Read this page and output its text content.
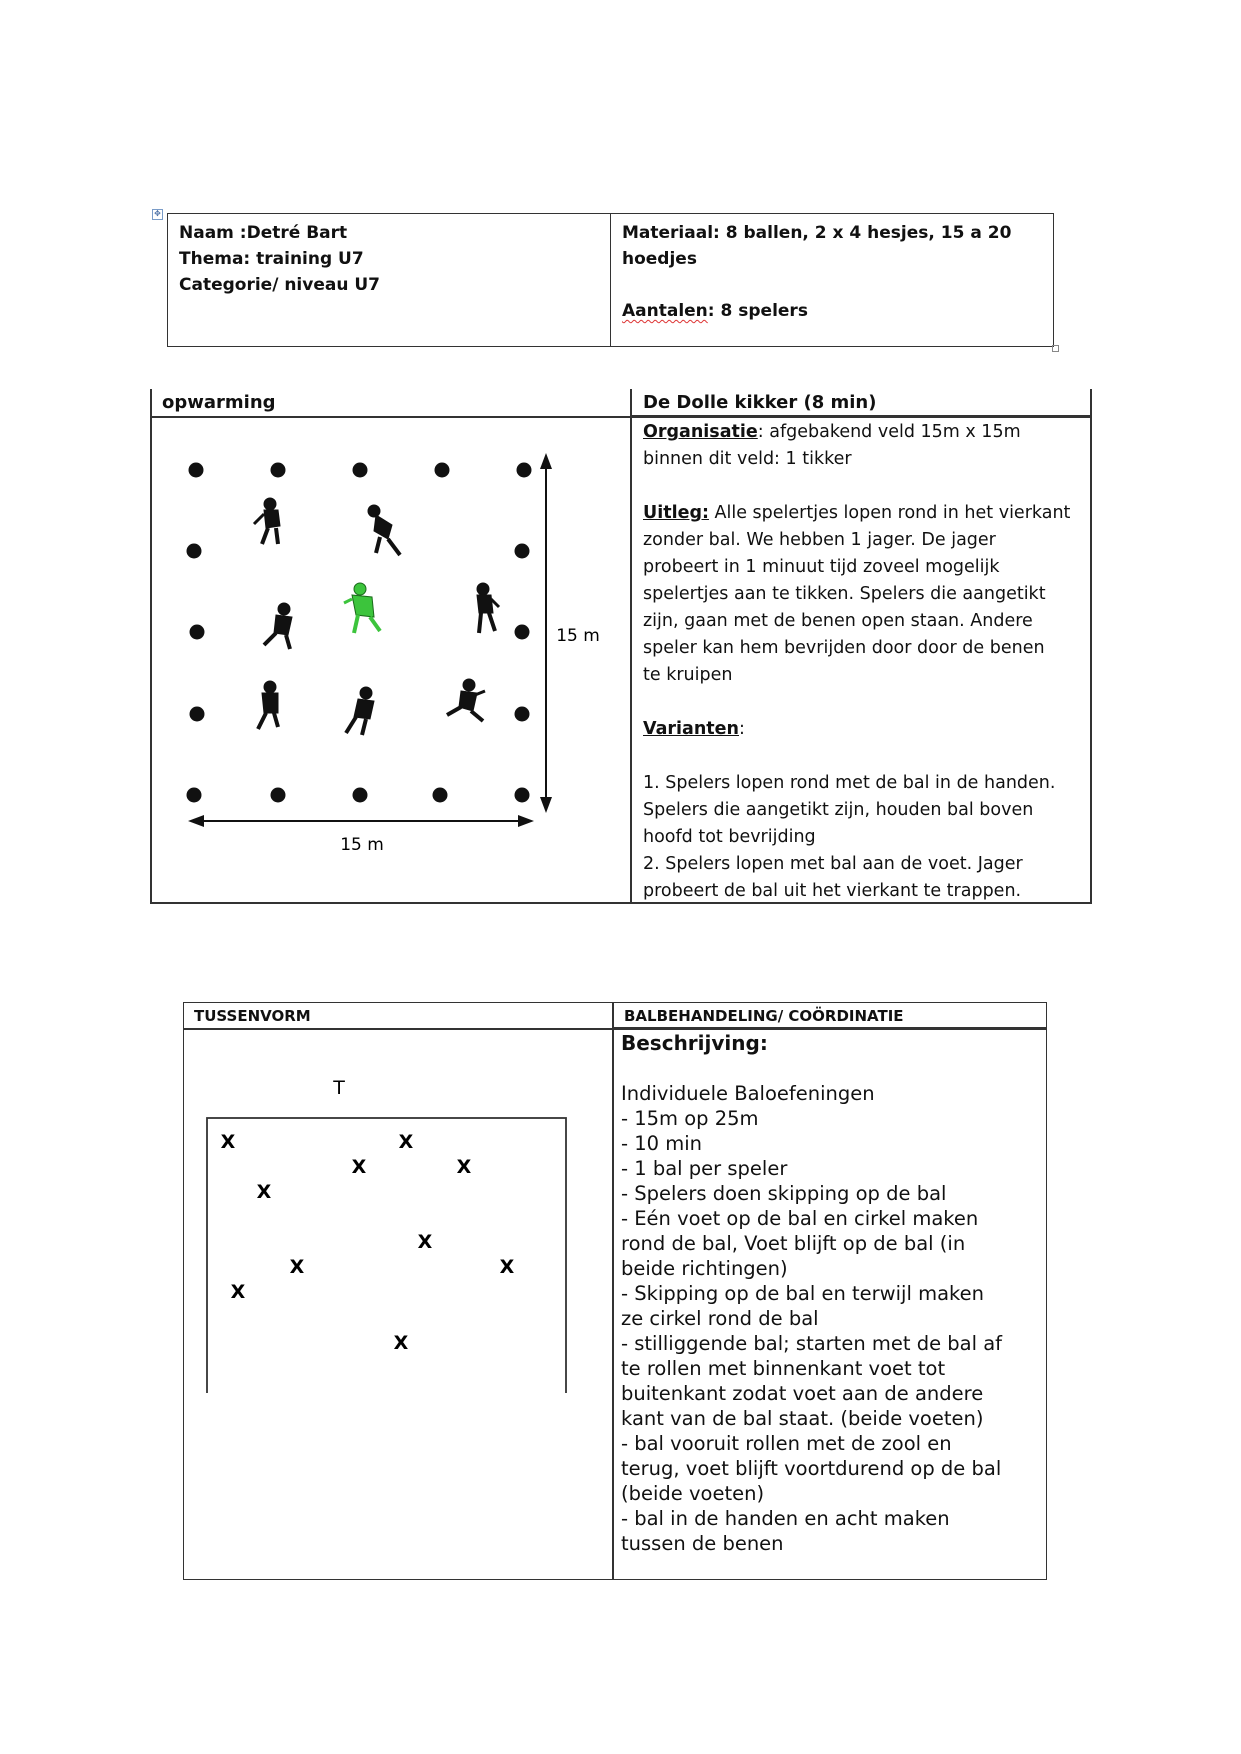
✥
Naam :Detré Bart
Thema: training U7
Categorie/ niveau U7

Materiaal: 8 ballen, 2 x 4 hesjes, 15 a 20
hoedjes
Aantalen: 8 spelers
opwarming	De Dolle kikker (8 min)
15 m
15 m
Organisatie: afgebakend veld 15m x 15m
binnen dit veld: 1 tikker
Uitleg: Alle spelertjes lopen rond in het vierkant
zonder bal. We hebben 1 jager. De jager
probeert in 1 minuut tijd zoveel mogelijk
spelertjes aan te tikken. Spelers die aangetikt
zijn, gaan met de benen open staan. Andere
speler kan hem bevrijden door door de benen
te kruipen
Varianten:
1. Spelers lopen rond met de bal in de handen.
Spelers die aangetikt zijn, houden bal boven
hoofd tot bevrijding
2. Spelers lopen met bal aan de voet. Jager
probeert de bal uit het vierkant te trappen.
TUSSENVORM	BALBEHANDELING/ COÖRDINATIE
T
X	X
X	X
X
X
X	X
X
X
Beschrijving:
Individuele Baloefeningen
- 15m op 25m
- 10 min
- 1 bal per speler
- Spelers doen skipping op de bal
- Eén voet op de bal en cirkel maken
rond de bal, Voet blijft op de bal (in
beide richtingen)
- Skipping op de bal en terwijl maken
ze cirkel rond de bal
- stilliggende bal; starten met de bal af
te rollen met binnenkant voet tot
buitenkant zodat voet aan de andere
kant van de bal staat. (beide voeten)
- bal vooruit rollen met de zool en
terug, voet blijft voortdurend op de bal
(beide voeten)
- bal in de handen en acht maken
tussen de benen
